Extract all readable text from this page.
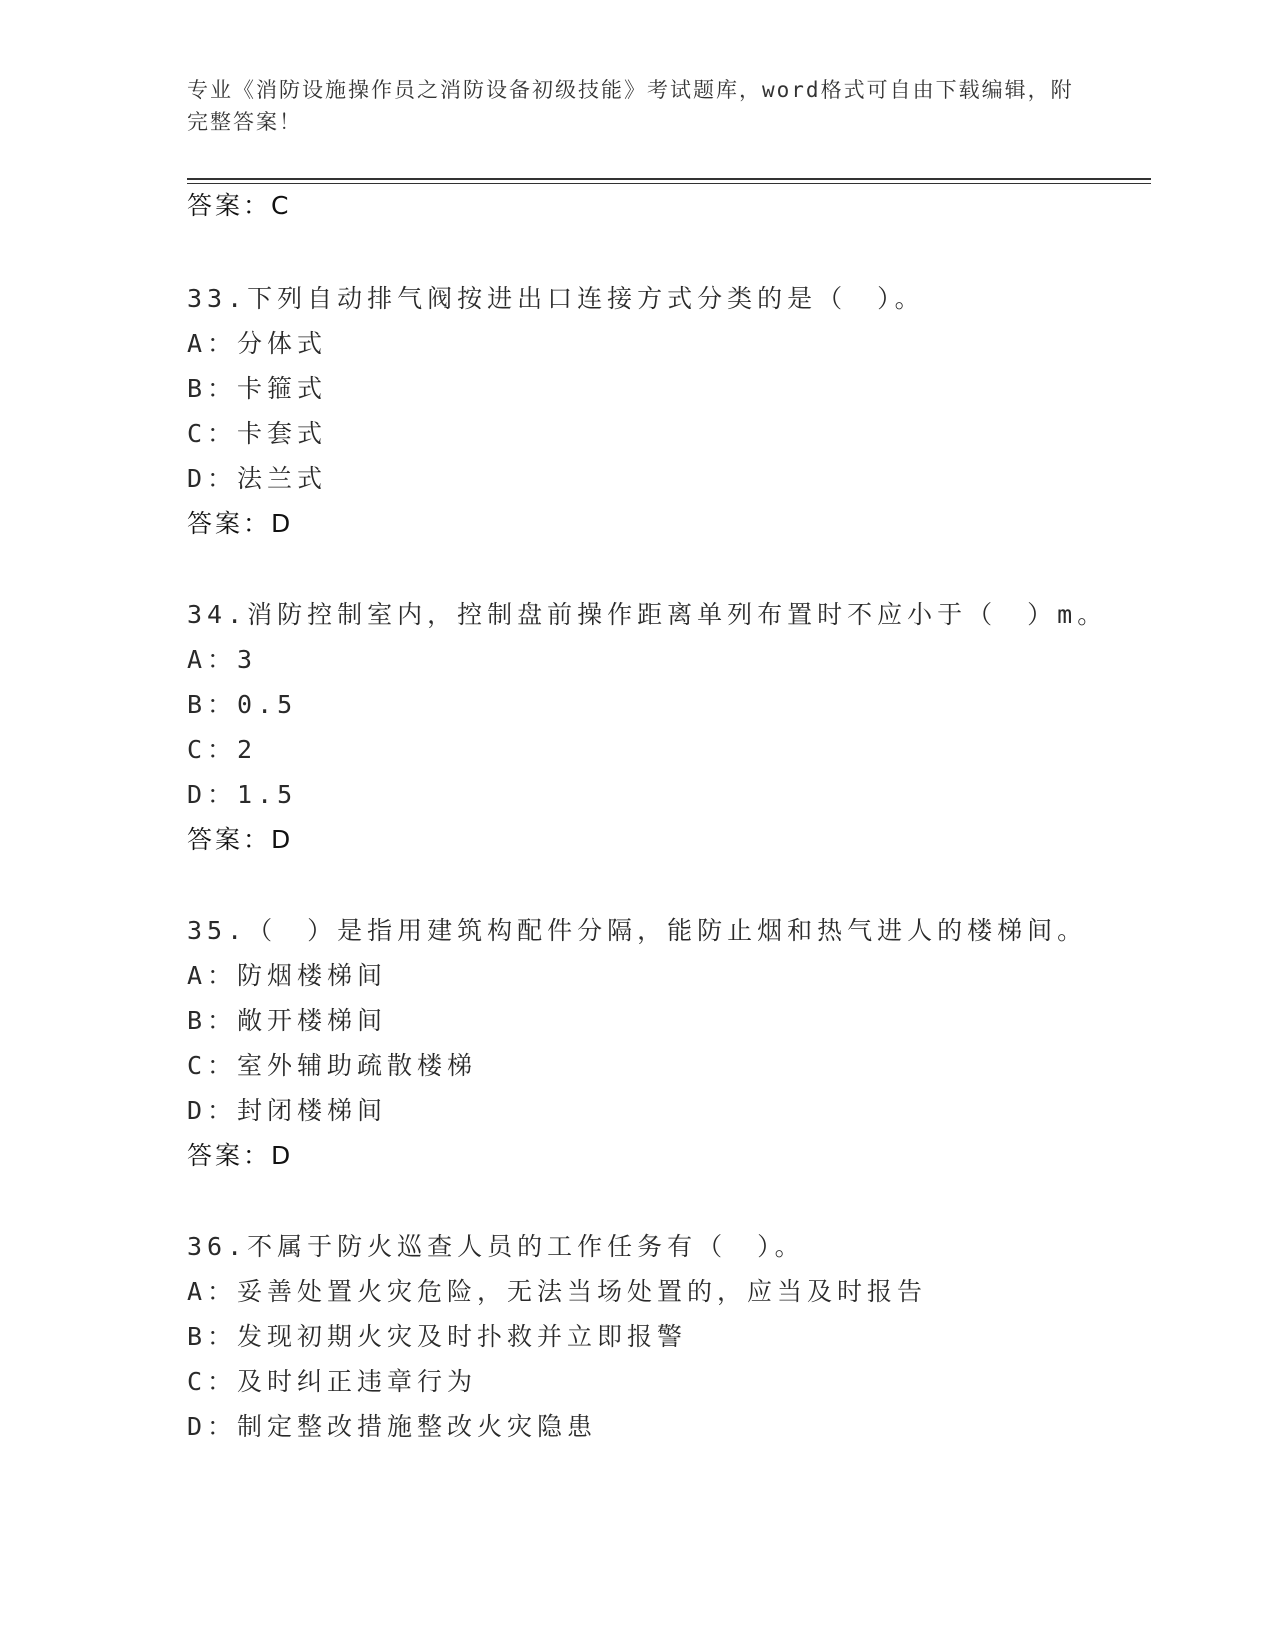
专业《消防设施操作员之消防设备初级技能》考试题库，word格式可自由下载编辑，附完整答案！
答案：C
33.下列自动排气阀按进出口连接方式分类的是（　）。
A：分体式
B：卡箍式
C：卡套式
D：法兰式
答案：D
34.消防控制室内，控制盘前操作距离单列布置时不应小于（　）m。
A：3
B：0.5
C：2
D：1.5
答案：D
35.（　）是指用建筑构配件分隔，能防止烟和热气进人的楼梯间。
A：防烟楼梯间
B：敞开楼梯间
C：室外辅助疏散楼梯
D：封闭楼梯间
答案：D
36.不属于防火巡查人员的工作任务有（　）。
A：妥善处置火灾危险，无法当场处置的，应当及时报告
B：发现初期火灾及时扑救并立即报警
C：及时纠正违章行为
D：制定整改措施整改火灾隐患
